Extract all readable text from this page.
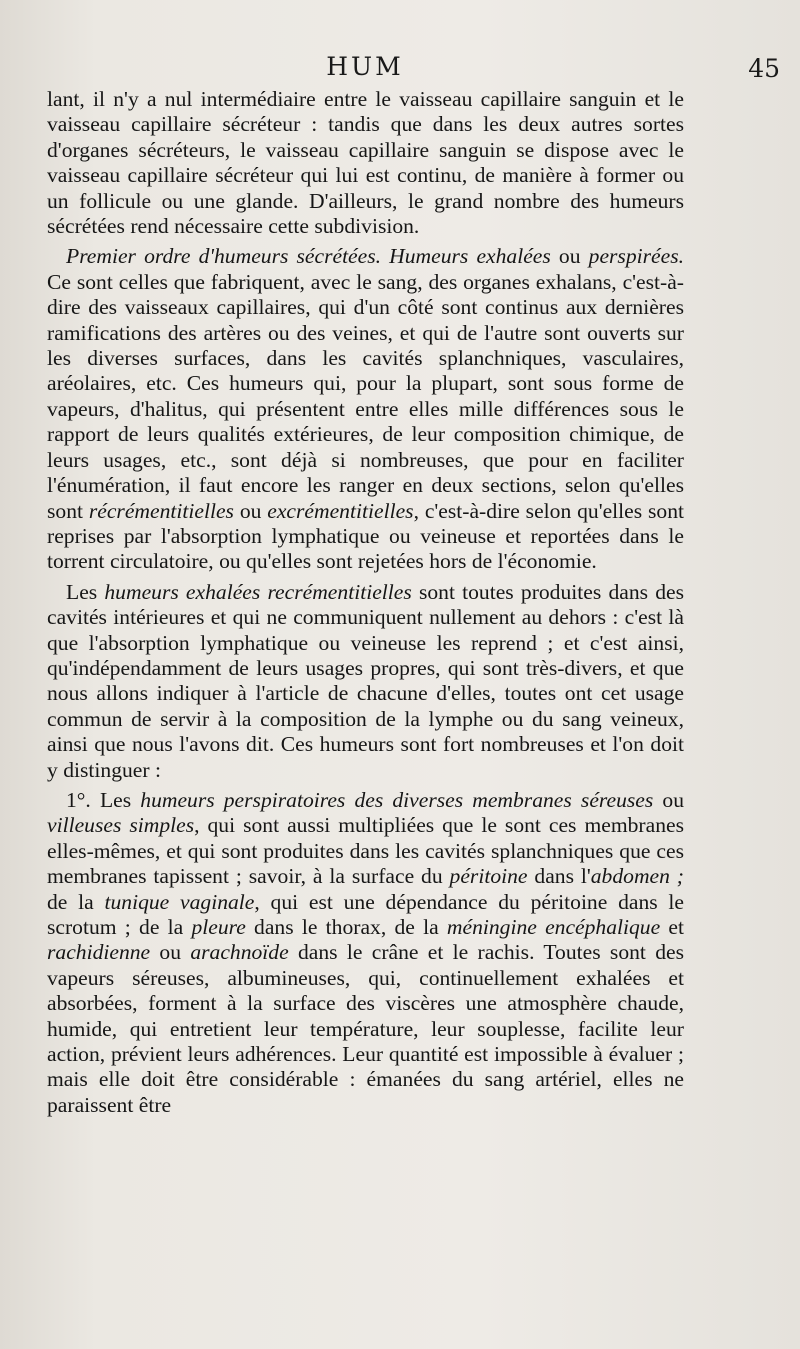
HUM	45

lant, il n'y a nul intermédiaire entre le vaisseau capillaire sanguin et le vaisseau capillaire sécréteur : tandis que dans les deux autres sortes d'organes sécréteurs, le vaisseau capillaire sanguin se dispose avec le vaisseau capillaire sécréteur qui lui est continu, de manière à former ou un follicule ou une glande. D'ailleurs, le grand nombre des humeurs sécrétées rend nécessaire cette subdivision.

Premier ordre d'humeurs sécrétées. Humeurs exhalées ou perspirées. Ce sont celles que fabriquent, avec le sang, des organes exhalans, c'est-à-dire des vaisseaux capillaires, qui d'un côté sont continus aux dernières ramifications des artères ou des veines, et qui de l'autre sont ouverts sur les diverses surfaces, dans les cavités splanchniques, vasculaires, aréolaires, etc. Ces humeurs qui, pour la plupart, sont sous forme de vapeurs, d'halitus, qui présentent entre elles mille différences sous le rapport de leurs qualités extérieures, de leur composition chimique, de leurs usages, etc., sont déjà si nombreuses, que pour en faciliter l'énumération, il faut encore les ranger en deux sections, selon qu'elles sont récrémentitielles ou excrémentitielles, c'est-à-dire selon qu'elles sont reprises par l'absorption lymphatique ou veineuse et reportées dans le torrent circulatoire, ou qu'elles sont rejetées hors de l'économie.

Les humeurs exhalées recrémentitielles sont toutes produites dans des cavités intérieures et qui ne communiquent nullement au dehors : c'est là que l'absorption lymphatique ou veineuse les reprend ; et c'est ainsi, qu'indépendamment de leurs usages propres, qui sont très-divers, et que nous allons indiquer à l'article de chacune d'elles, toutes ont cet usage commun de servir à la composition de la lymphe ou du sang veineux, ainsi que nous l'avons dit. Ces humeurs sont fort nombreuses et l'on doit y distinguer :

1°. Les humeurs perspiratoires des diverses membranes séreuses ou villeuses simples, qui sont aussi multipliées que le sont ces membranes elles-mêmes, et qui sont produites dans les cavités splanchniques que ces membranes tapissent ; savoir, à la surface du péritoine dans l'abdomen ; de la tunique vaginale, qui est une dépendance du péritoine dans le scrotum ; de la pleure dans le thorax, de la méningine encéphalique et rachidienne ou arachnoïde dans le crâne et le rachis. Toutes sont des vapeurs séreuses, albumineuses, qui, continuellement exhalées et absorbées, forment à la surface des viscères une atmosphère chaude, humide, qui entretient leur température, leur souplesse, facilite leur action, prévient leurs adhérences. Leur quantité est impossible à évaluer ; mais elle doit être considérable : émanées du sang artériel, elles ne paraissent être
